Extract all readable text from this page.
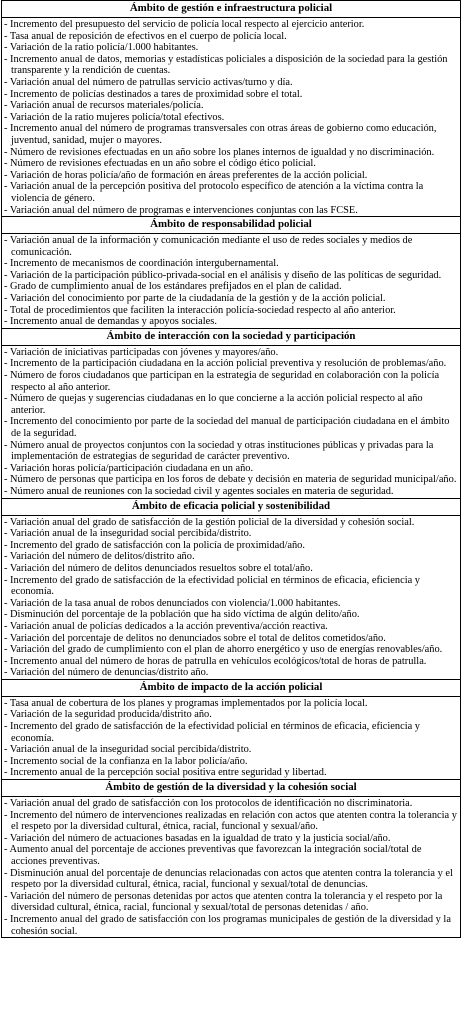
Ámbito de gestión e infraestructura policial

- Incremento del presupuesto del servicio de policía local respecto al ejercicio anterior.

- Tasa anual de reposición de efectivos en el cuerpo de policía local.

- Variación de la ratio policía/1.000 habitantes.

- Incremento anual de datos, memorias y estadísticas policiales a disposición de la sociedad para la gestión transparente y la rendición de cuentas.

- Variación anual del número de patrullas servicio activas/turno y día.

- Incremento de policías destinados a tares de proximidad sobre el total.

- Variación anual de recursos materiales/policía.

- Variación de la ratio mujeres policía/total efectivos.

- Incremento anual del número de programas transversales con otras áreas de gobierno como educación, juventud, sanidad, mujer o mayores.

- Número de revisiones efectuadas en un año sobre los planes internos de igualdad y no discriminación.

- Número de revisiones efectuadas en un año sobre el código ético policial.

- Variación de horas policía/año de formación en áreas preferentes de la acción policial.

- Variación anual de la percepción positiva del protocolo específico de atención a la víctima contra la violencia de género.

- Variación anual del número de programas e intervenciones conjuntas con las FCSE.

Ámbito de responsabilidad policial

- Variación anual de la información y comunicación mediante el uso de redes sociales y medios de comunicación.

- Incremento de mecanismos de coordinación intergubernamental.

- Variación de la participación público-privada-social en el análisis y diseño de las políticas de seguridad.

- Grado de cumplimiento anual de los estándares prefijados en el plan de calidad.

- Variación del conocimiento por parte de la ciudadanía de la gestión y de la acción policial.

- Total de procedimientos que faciliten la interacción policía-sociedad respecto al año anterior.

- Incremento anual de demandas y apoyos sociales.

Ámbito de interacción con la sociedad y participación

- Variación de iniciativas participadas con jóvenes y mayores/año.

- Incremento de la participación ciudadana en la acción policial preventiva y resolución de problemas/año.

- Número de foros ciudadanos que participan en la estrategia de seguridad en colaboración con la policía respecto al año anterior.

- Número de quejas y sugerencias ciudadanas en lo que concierne a la acción policial respecto al año anterior.

- Incremento del conocimiento por parte de la sociedad del manual de participación ciudadana en el ámbito de la seguridad.

- Número anual de proyectos conjuntos con la sociedad y otras instituciones públicas y privadas para la implementación de estrategias de seguridad de carácter preventivo.

- Variación horas policía/participación ciudadana en un año.

- Número de personas que participa en los foros de debate y decisión en materia de seguridad municipal/año.

- Número anual de reuniones con la sociedad civil y agentes sociales en materia de seguridad.

Ámbito de eficacia policial y sostenibilidad

- Variación anual del grado de satisfacción de la gestión policial de la diversidad y cohesión social.

- Variación anual de la inseguridad social percibida/distrito.

- Incremento del grado de satisfacción con la policía de proximidad/año.

- Variación del número de delitos/distrito año.

- Variación del número de delitos denunciados resueltos sobre el total/año.

- Incremento del grado de satisfacción de la efectividad policial en términos de eficacia, eficiencia y economía.

- Variación de la tasa anual de robos denunciados con violencia/1.000 habitantes.

- Disminución del porcentaje de la población que ha sido víctima de algún delito/año.

- Variación anual de policías dedicados a la acción preventiva/acción reactiva.

- Variación del porcentaje de delitos no denunciados sobre el total de delitos cometidos/año.

- Variación del grado de cumplimiento con el plan de ahorro energético y uso de energías renovables/año.

- Incremento anual del número de horas de patrulla en vehículos ecológicos/total de horas de patrulla.

- Variación del número de denuncias/distrito año.

Ámbito de impacto de la acción policial

- Tasa anual de cobertura de los planes y programas implementados por la policía local.

- Variación de la seguridad producida/distrito año.

- Incremento del grado de satisfacción de la efectividad policial en términos de eficacia, eficiencia y economía.

- Variación anual de la inseguridad social percibida/distrito.

- Incremento social de la confianza en la labor policía/año.

- Incremento anual de la percepción social positiva entre seguridad y libertad.

Ámbito de gestión de la diversidad y la cohesión social

- Variación anual del grado de satisfacción con los protocolos de identificación no discriminatoria.

- Incremento del número de intervenciones realizadas en relación con actos que atenten contra la tolerancia y el respeto por la diversidad cultural, étnica, racial, funcional y sexual/año.

- Variación del número de actuaciones basadas en la igualdad de trato y la justicia social/año.

- Aumento anual del porcentaje de acciones preventivas que favorezcan la integración social/total de acciones preventivas.

- Disminución anual del porcentaje de denuncias relacionadas con actos que atenten contra la tolerancia y el respeto por la diversidad cultural, étnica, racial, funcional y sexual/total de denuncias.

- Variación del número de personas detenidas por actos que atenten contra la tolerancia y el respeto por la diversidad cultural, étnica, racial, funcional y sexual/total de personas detenidas / año.

- Incremento anual del grado de satisfacción con los programas municipales de gestión de la diversidad y la cohesión social.
